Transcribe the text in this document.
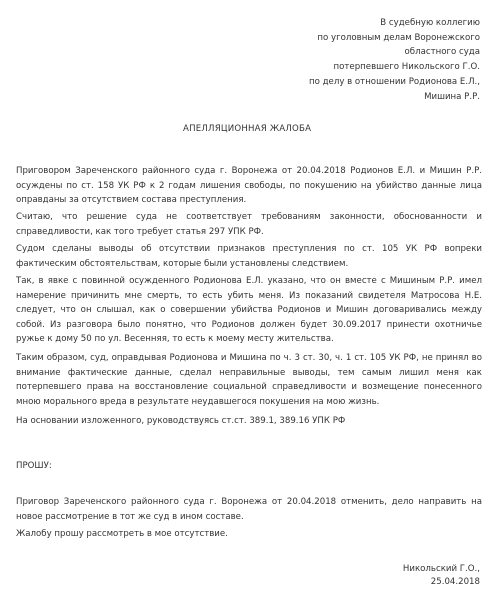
В судебную коллегию
по уголовным делам Воронежского
областного суда
потерпевшего Никольского Г.О.
по делу в отношении Родионова Е.Л.,
Мишина Р.Р.
АПЕЛЛЯЦИОННАЯ ЖАЛОБА

Приговором Зареченского районного суда г. Воронежа от 20.04.2018 Родионов Е.Л. и Мишин Р.Р. осуждены по ст. 158 УК РФ к 2 годам лишения свободы, по покушению на убийство данные лица оправданы за отсутствием состава преступления.

Считаю, что решение суда не соответствует требованиям законности, обоснованности и справедливости, как того требует статья 297 УПК РФ.

Судом сделаны выводы об отсутствии признаков преступления по ст. 105 УК РФ вопреки фактическим обстоятельствам, которые были установлены следствием.

Так, в явке с повинной осужденного Родионова Е.Л. указано, что он вместе с Мишиным Р.Р. имел намерение причинить мне смерть, то есть убить меня. Из показаний свидетеля Матросова Н.Е. следует, что он слышал, как о совершении убийства Родионов и Мишин договаривались между собой. Из разговора было понятно, что Родионов должен будет 30.09.2017 принести охотничье ружье к дому 50 по ул. Весенняя, то есть к моему месту жительства.

Таким образом, суд, оправдывая Родионова и Мишина по ч. 3 ст. 30, ч. 1 ст. 105 УК РФ, не принял во внимание фактические данные, сделал неправильные выводы, тем самым лишил меня как потерпевшего права на восстановление социальной справедливости и возмещение понесенного мною морального вреда в результате неудавшегося покушения на мою жизнь.

На основании изложенного, руководствуясь ст.ст. 389.1, 389.16 УПК РФ

ПРОШУ:

Приговор Зареченского районного суда г. Воронежа от 20.04.2018 отменить, дело направить на новое рассмотрение в тот же суд в ином составе.

Жалобу прошу рассмотреть в мое отсутствие.

Никольский Г.О.,
25.04.2018
